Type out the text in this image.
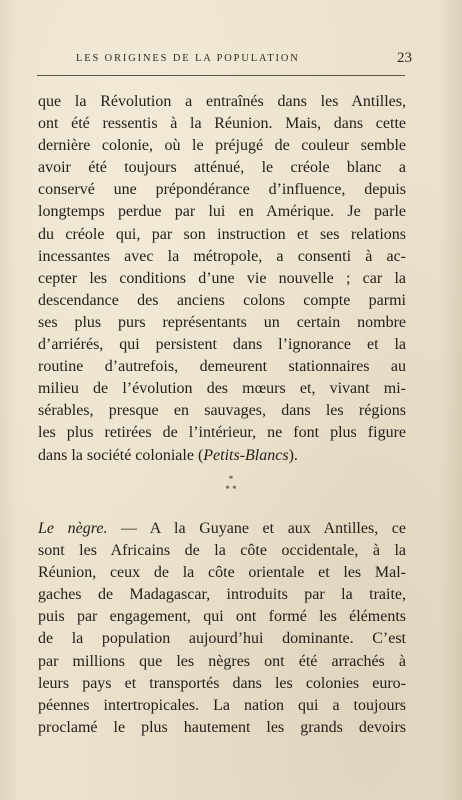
LES ORIGINES DE LA POPULATION	23
que la Révolution a entraînés dans les Antilles,
ont été ressentis à la Réunion. Mais, dans cette
dernière colonie, où le préjugé de couleur semble
avoir été toujours atténué, le créole blanc a
conservé une prépondérance d’influence, depuis
longtemps perdue par lui en Amérique. Je parle
du créole qui, par son instruction et ses relations
incessantes avec la métropole, a consenti à ac-
cepter les conditions d’une vie nouvelle ; car la
descendance des anciens colons compte parmi
ses plus purs représentants un certain nombre
d’arriérés, qui persistent dans l’ignorance et la
routine d’autrefois, demeurent stationnaires au
milieu de l’évolution des mœurs et, vivant mi-
sérables, presque en sauvages, dans les régions
les plus retirées de l’intérieur, ne font plus figure
dans la société coloniale (Petits-Blancs).
*
* *
Le nègre. — A la Guyane et aux Antilles, ce
sont les Africains de la côte occidentale, à la
Réunion, ceux de la côte orientale et les Mal-
gaches de Madagascar, introduits par la traite,
puis par engagement, qui ont formé les éléments
de la population aujourd’hui dominante. C’est
par millions que les nègres ont été arrachés à
leurs pays et transportés dans les colonies euro-
péennes intertropicales. La nation qui a toujours
proclamé le plus hautement les grands devoirs
